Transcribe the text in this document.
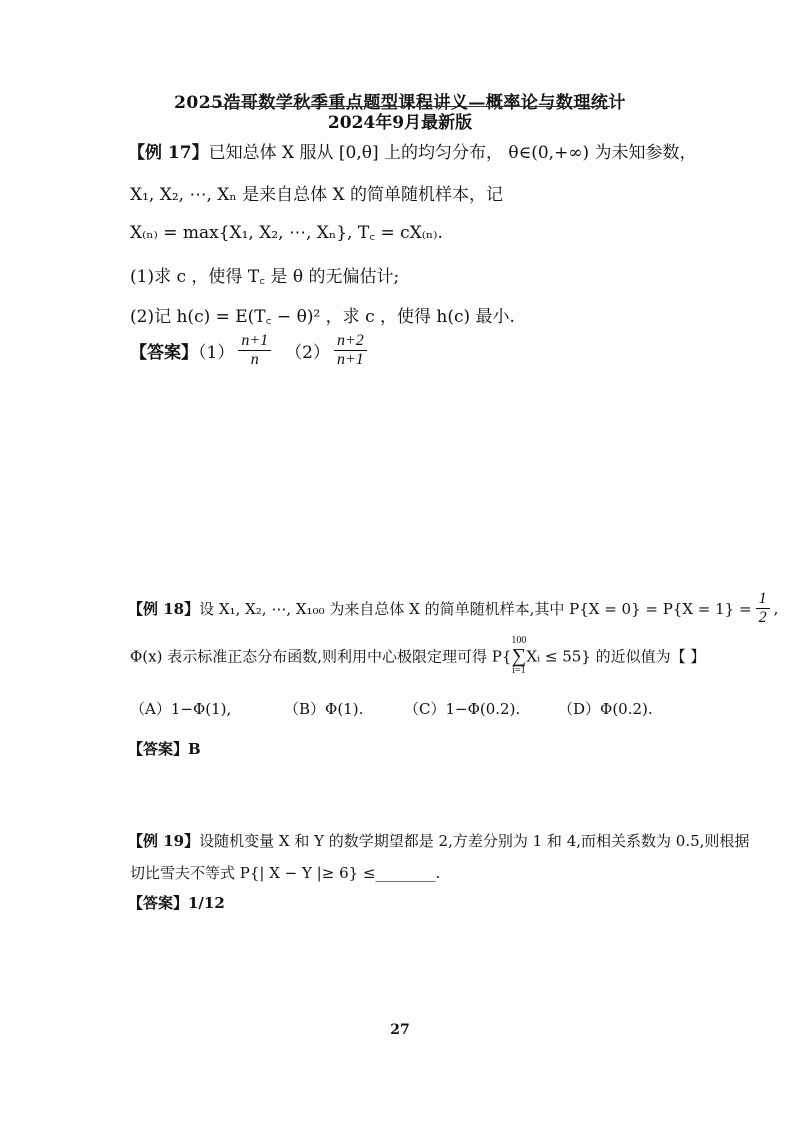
2025浩哥数学秋季重点题型课程讲义—概率论与数理统计
2024年9月最新版
【例 17】已知总体 X 服从 [0,θ] 上的均匀分布， θ∈(0,+∞) 为未知参数，
X₁, X₂, ⋯, Xₙ 是来自总体 X 的简单随机样本，记
X₍ₙ₎ = max{X₁, X₂, ⋯, Xₙ}, T꜀ = cX₍ₙ₎.
(1)求 c ，使得 T꜀ 是 θ 的无偏估计;
(2)记 h(c) = E(T꜀ − θ)² ，求 c ，使得 h(c) 最小.
【答案】$(1) \frac{n+1}{n} (2) \frac{n+2}{n+1}$
【例 18】设 X₁, X₂, ⋯, X₁₀₀ 为来自总体 X 的简单随机样本,其中 $P\{X = 0\} = P\{X = 1\} = \frac{1}{2}$ ,
Φ(x) 表示标准正态分布函数,则利用中心极限定理可得 P{
100
∑
i=1
Xᵢ ≤ 55} 的近似值为【 】
（A）1−Φ(1),	（B）Φ(1).	（C）1−Φ(0.2).	（D）Φ(0.2).
【答案】B
【例 19】设随机变量 X 和 Y 的数学期望都是 2,方差分别为 1 和 4,而相关系数为 0.5,则根据
切比雪夫不等式 P{| X − Y |≥ 6} ≤________.
【答案】1/12
27
